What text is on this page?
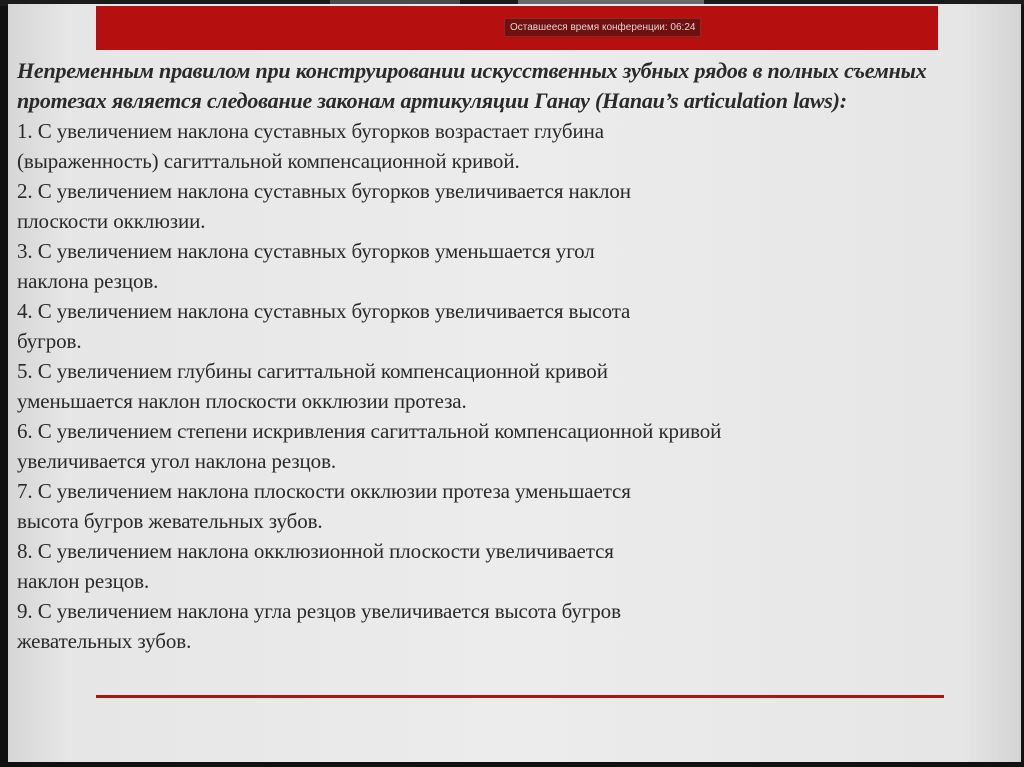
Оставшееся время конференции: 06:24

Непременным правилом при конструировании искусственных зубных рядов в полных съемных протезах является следование законам артикуляции Ганау (Hanau’s articulation laws):

1. С увеличением наклона суставных бугорков возрастает глубина
(выраженность) сагиттальной компенсационной кривой.

2. С увеличением наклона суставных бугорков увеличивается наклон
плоскости окклюзии.

3. С увеличением наклона суставных бугорков уменьшается угол
наклона резцов.

4. С увеличением наклона суставных бугорков увеличивается высота
бугров.

5. С увеличением глубины сагиттальной компенсационной кривой
уменьшается наклон плоскости окклюзии протеза.

6. С увеличением степени искривления сагиттальной компенсационной кривой
увеличивается угол наклона резцов.

7. С увеличением наклона плоскости окклюзии протеза уменьшается
высота бугров жевательных зубов.

8. С увеличением наклона окклюзионной плоскости увеличивается
наклон резцов.

9. С увеличением наклона угла резцов увеличивается высота бугров
жевательных зубов.
